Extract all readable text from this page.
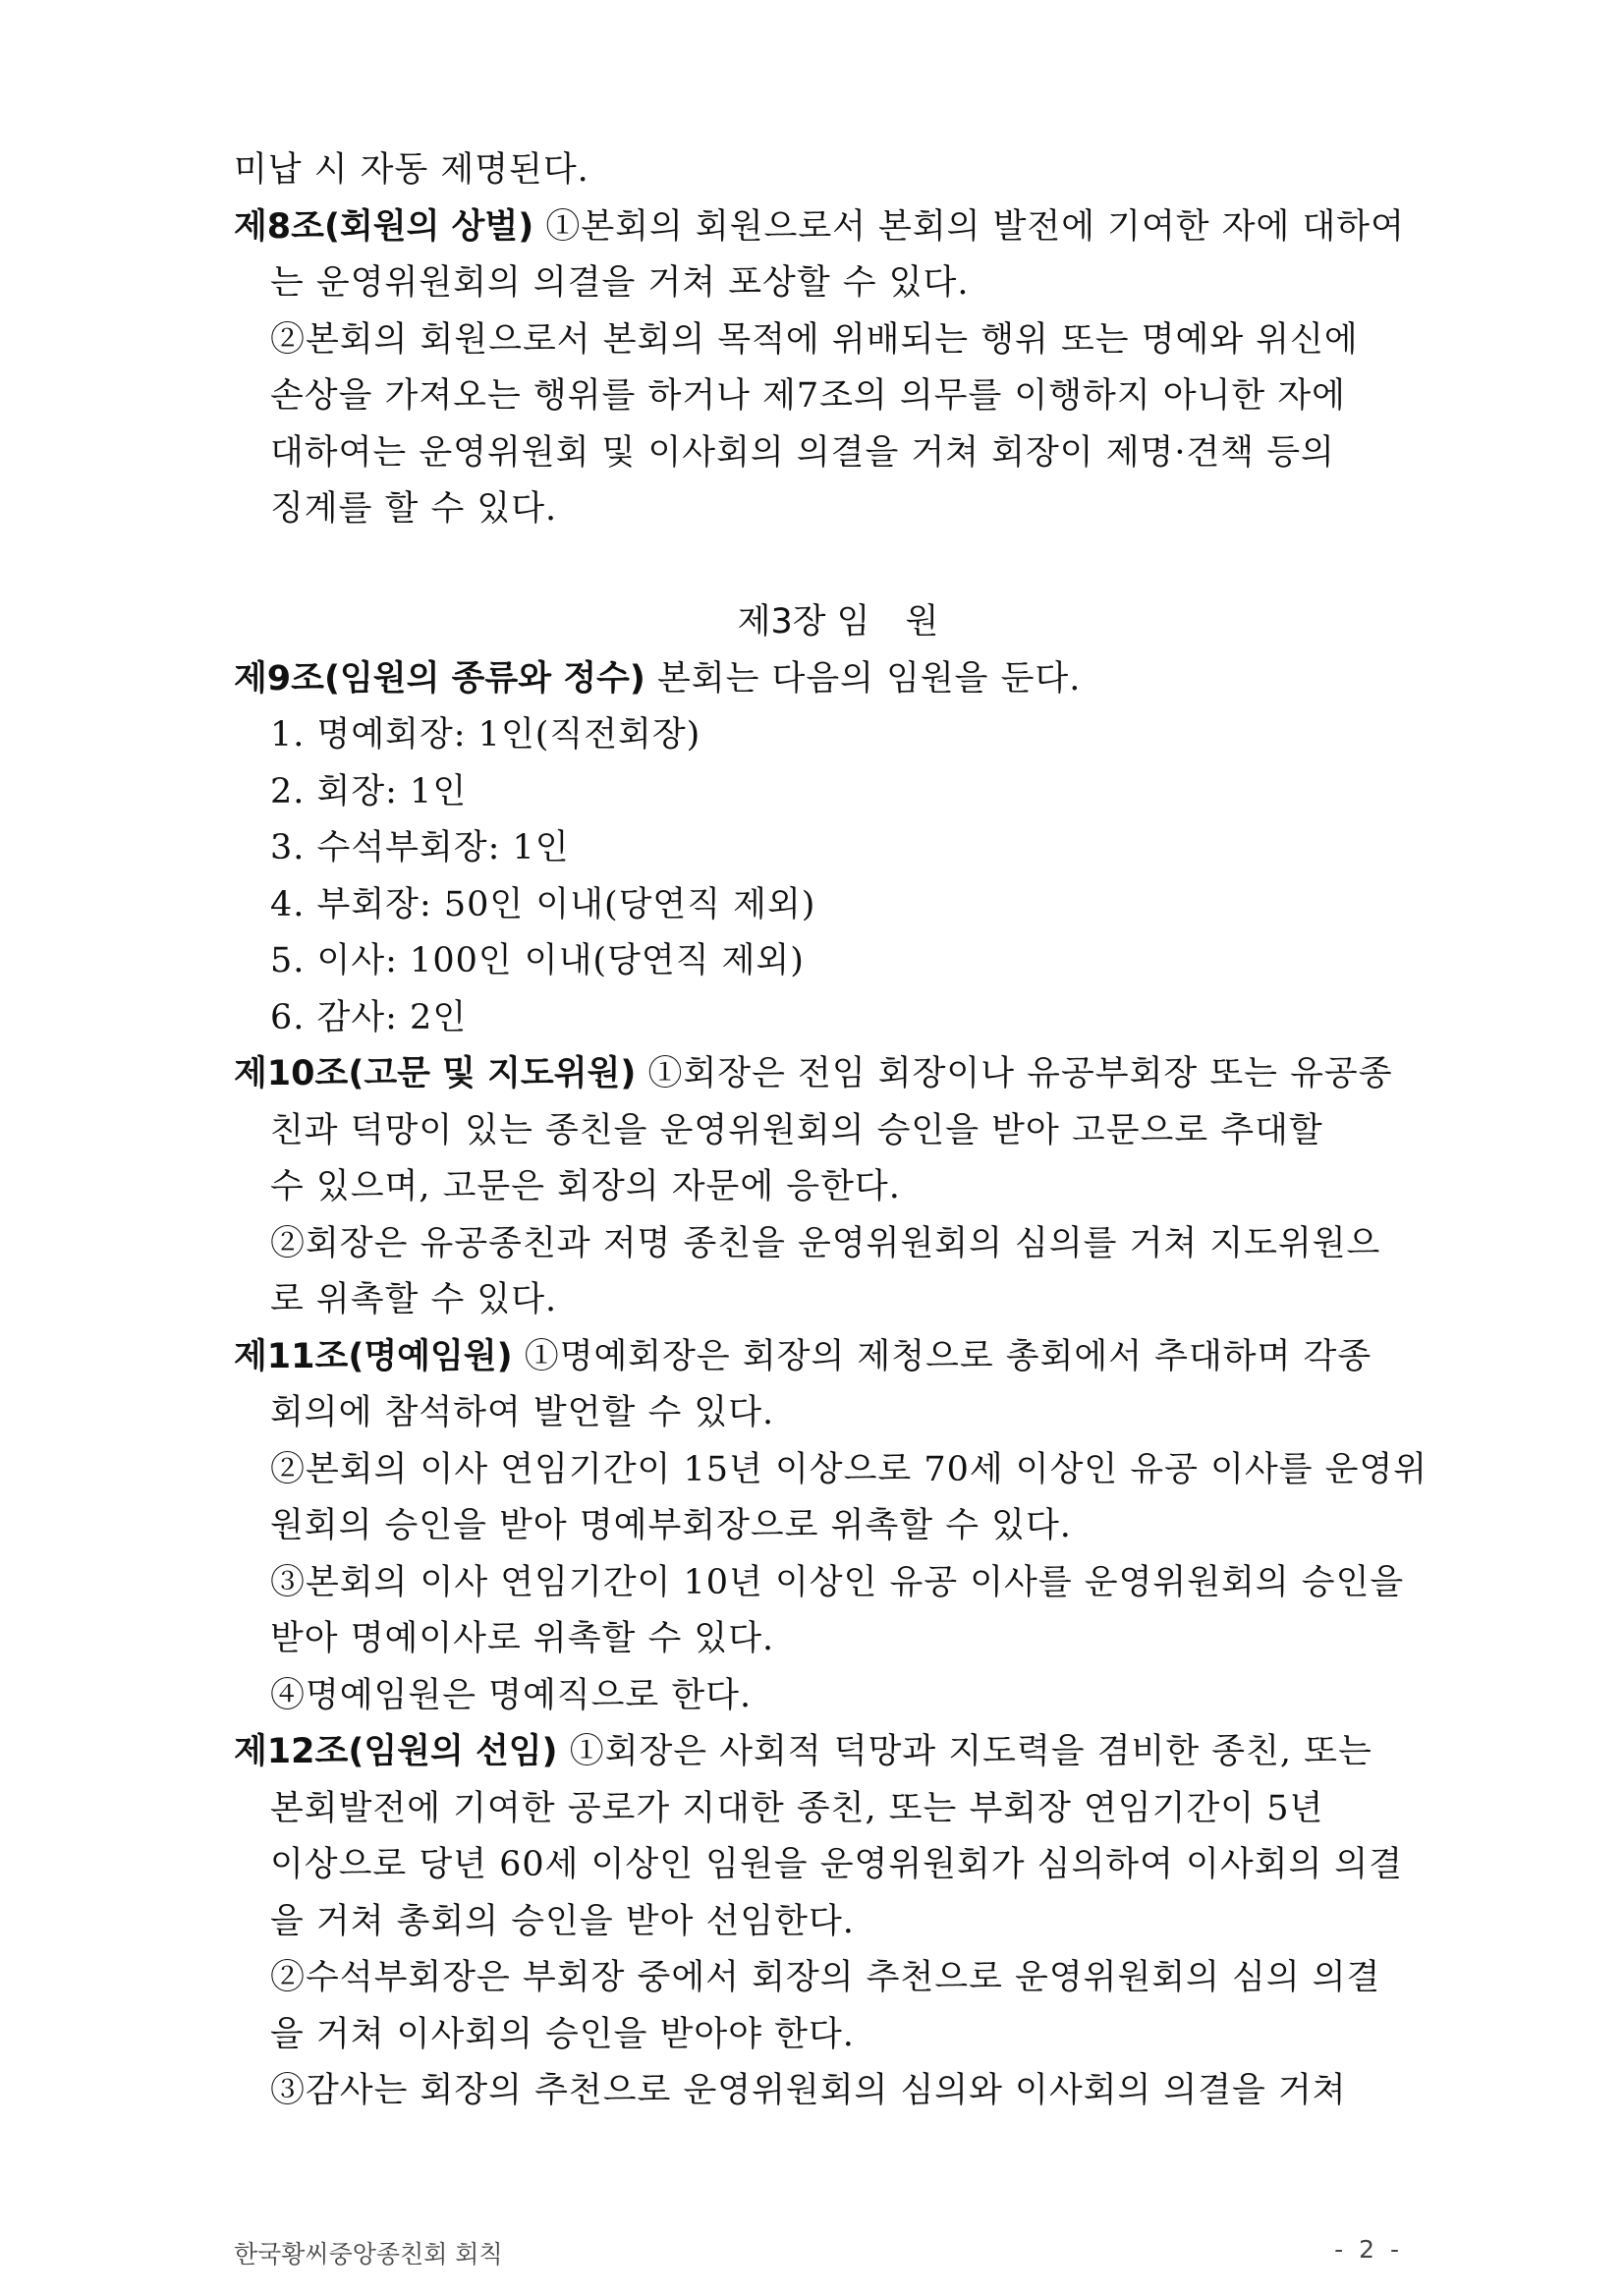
미납 시 자동 제명된다.
제8조(회원의 상벌) ①본회의 회원으로서 본회의 발전에 기여한 자에 대하여
는 운영위원회의 의결을 거쳐 포상할 수 있다.
②본회의 회원으로서 본회의 목적에 위배되는 행위 또는 명예와 위신에
손상을 가져오는 행위를 하거나 제7조의 의무를 이행하지 아니한 자에
대하여는 운영위원회 및 이사회의 의결을 거쳐 회장이 제명·견책 등의
징계를 할 수 있다.
제3장 임 원
제9조(임원의 종류와 정수) 본회는 다음의 임원을 둔다.
1. 명예회장: 1인(직전회장)
2. 회장: 1인
3. 수석부회장: 1인
4. 부회장: 50인 이내(당연직 제외)
5. 이사: 100인 이내(당연직 제외)
6. 감사: 2인
제10조(고문 및 지도위원) ①회장은 전임 회장이나 유공부회장 또는 유공종
친과 덕망이 있는 종친을 운영위원회의 승인을 받아 고문으로 추대할
수 있으며, 고문은 회장의 자문에 응한다.
②회장은 유공종친과 저명 종친을 운영위원회의 심의를 거쳐 지도위원으
로 위촉할 수 있다.
제11조(명예임원) ①명예회장은 회장의 제청으로 총회에서 추대하며 각종
회의에 참석하여 발언할 수 있다.
②본회의 이사 연임기간이 15년 이상으로 70세 이상인 유공 이사를 운영위
원회의 승인을 받아 명예부회장으로 위촉할 수 있다.
③본회의 이사 연임기간이 10년 이상인 유공 이사를 운영위원회의 승인을
받아 명예이사로 위촉할 수 있다.
④명예임원은 명예직으로 한다.
제12조(임원의 선임) ①회장은 사회적 덕망과 지도력을 겸비한 종친, 또는
본회발전에 기여한 공로가 지대한 종친, 또는 부회장 연임기간이 5년
이상으로 당년 60세 이상인 임원을 운영위원회가 심의하여 이사회의 의결
을 거쳐 총회의 승인을 받아 선임한다.
②수석부회장은 부회장 중에서 회장의 추천으로 운영위원회의 심의 의결
을 거쳐 이사회의 승인을 받아야 한다.
③감사는 회장의 추천으로 운영위원회의 심의와 이사회의 의결을 거쳐
한국황씨중앙종친회 회칙	- 2 -
